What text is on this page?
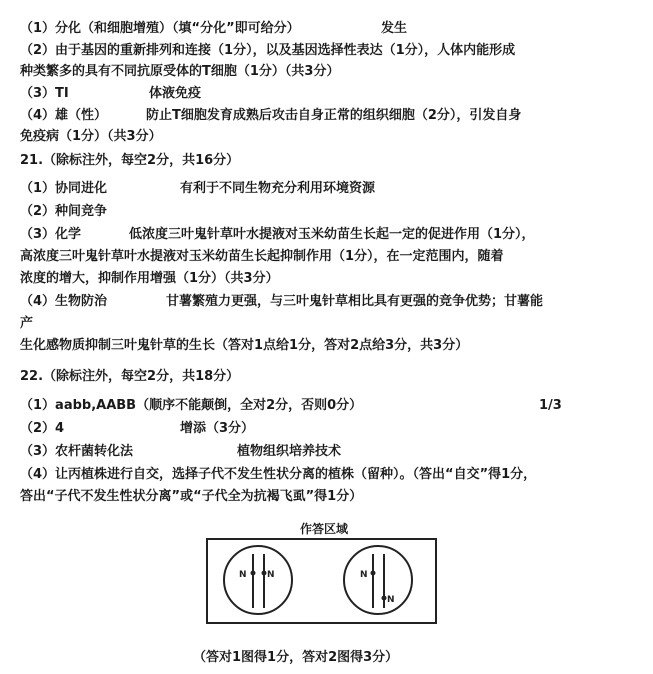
（1）分化（和细胞增殖）（填“分化”即可给分）	发生
（2）由于基因的重新排列和连接（1分），以及基因选择性表达（1分），人体内能形成
种类繁多的具有不同抗原受体的T细胞（1分）（共3分）
（3）TI	体液免疫
（4）雄（性）	防止T细胞发育成熟后攻击自身正常的组织细胞（2分），引发自身
免疫病（1分）（共3分）
21.（除标注外，每空2分，共16分）
（1）协同进化	有利于不同生物充分利用环境资源
（2）种间竞争
（3）化学	低浓度三叶鬼针草叶水提液对玉米幼苗生长起一定的促进作用（1分），
高浓度三叶鬼针草叶水提液对玉米幼苗生长起抑制作用（1分），在一定范围内，随着
浓度的增大，抑制作用增强（1分）（共3分）
（4）生物防治	甘薯繁殖力更强，与三叶鬼针草相比具有更强的竞争优势；甘薯能
产
生化感物质抑制三叶鬼针草的生长（答对1点给1分，答对2点给3分，共3分）
22.（除标注外，每空2分，共18分）
（1）aabb,AABB（顺序不能颠倒，全对2分，否则0分）	1/3
（2）4	增添（3分）
（3）农杆菌转化法	植物组织培养技术
（4）让丙植株进行自交，选择子代不发生性状分离的植株（留种）。（答出“自交”得1分，
答出“子代不发生性状分离”或“子代全为抗褐飞虱”得1分）
作答区域
N N	N
N
（答对1图得1分，答对2图得3分）
